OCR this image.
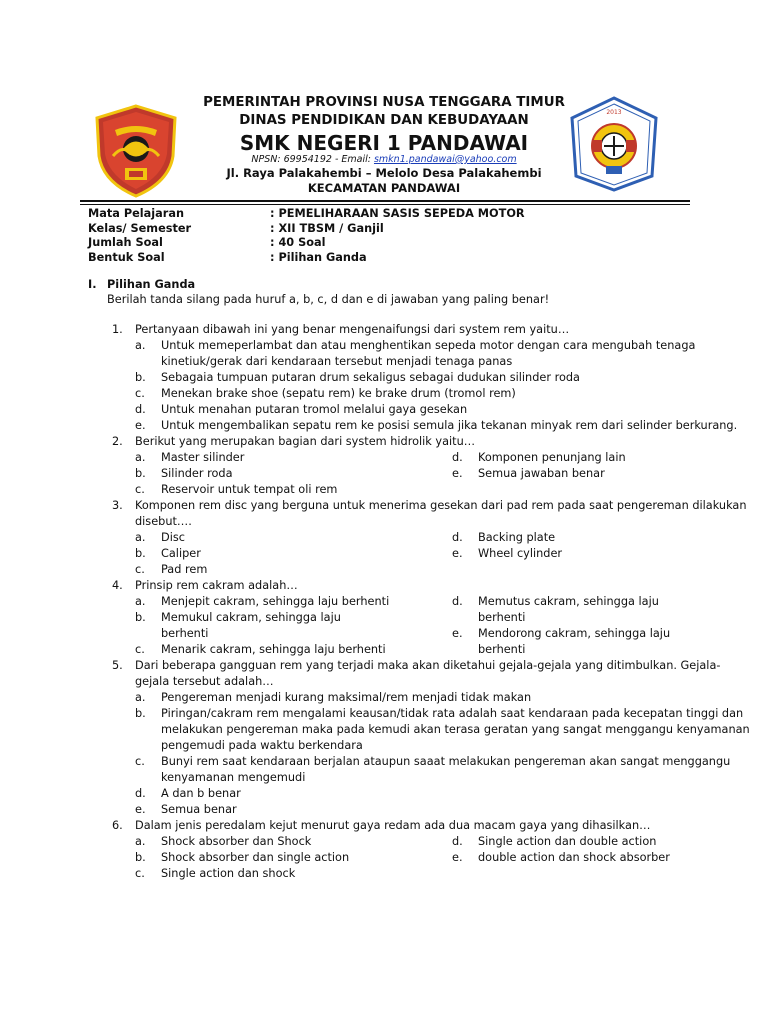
2013
PEMERINTAH PROVINSI NUSA TENGGARA TIMUR
DINAS PENDIDIKAN DAN KEBUDAYAAN
SMK NEGERI 1 PANDAWAI
NPSN: 69954192 - Email: smkn1.pandawai@yahoo.com
Jl. Raya Palakahembi – Melolo Desa Palakahembi
KECAMATAN PANDAWAI
Mata Pelajaran	: PEMELIHARAAN SASIS SEPEDA MOTOR
Kelas/ Semester	: XII TBSM / Ganjil
Jumlah Soal	: 40 Soal
Bentuk Soal	: Pilihan Ganda
I. Pilihan Ganda
Berilah tanda silang pada huruf a, b, c, d dan e di jawaban yang paling benar!
1. Pertanyaan dibawah ini yang benar mengenaifungsi dari system rem yaitu…
a. Untuk memeperlambat dan atau menghentikan sepeda motor dengan cara mengubah tenaga
kinetiuk/gerak dari kendaraan tersebut menjadi tenaga panas
b. Sebagaia tumpuan putaran drum sekaligus sebagai dudukan silinder roda
c. Menekan brake shoe (sepatu rem) ke brake drum (tromol rem)
d. Untuk menahan putaran tromol melalui gaya gesekan
e. Untuk mengembalikan sepatu rem ke posisi semula jika tekanan minyak rem dari selinder berkurang.
2. Berikut yang merupakan bagian dari system hidrolik yaitu…
a. Master silinder
b. Silinder roda
c. Reservoir untuk tempat oli rem
d. Komponen penunjang lain
e. Semua jawaban benar
3. Komponen rem disc yang berguna untuk menerima gesekan dari pad rem pada saat pengereman dilakukan
disebut….
a. Disc
b. Caliper
c. Pad rem
d. Backing plate
e. Wheel cylinder
4. Prinsip rem cakram adalah…
a. Menjepit cakram, sehingga laju berhenti
b. Memukul cakram, sehingga laju
berhenti
c. Menarik cakram, sehingga laju berhenti
d. Memutus cakram, sehingga laju
berhenti
e. Mendorong cakram, sehingga laju
berhenti
5. Dari beberapa gangguan rem yang terjadi maka akan diketahui gejala-gejala yang ditimbulkan. Gejala-
gejala tersebut adalah…
a. Pengereman menjadi kurang maksimal/rem menjadi tidak makan
b. Piringan/cakram rem mengalami keausan/tidak rata adalah saat kendaraan pada kecepatan tinggi dan
melakukan pengereman maka pada kemudi akan terasa geratan yang sangat menggangu kenyamanan
pengemudi pada waktu berkendara
c. Bunyi rem saat kendaraan berjalan ataupun saaat melakukan pengereman akan sangat menggangu
kenyamanan mengemudi
d. A dan b benar
e. Semua benar
6. Dalam jenis peredalam kejut menurut gaya redam ada dua macam gaya yang dihasilkan…
a. Shock absorber dan Shock
b. Shock absorber dan single action
c. Single action dan shock
d. Single action dan double action
e. double action dan shock absorber
